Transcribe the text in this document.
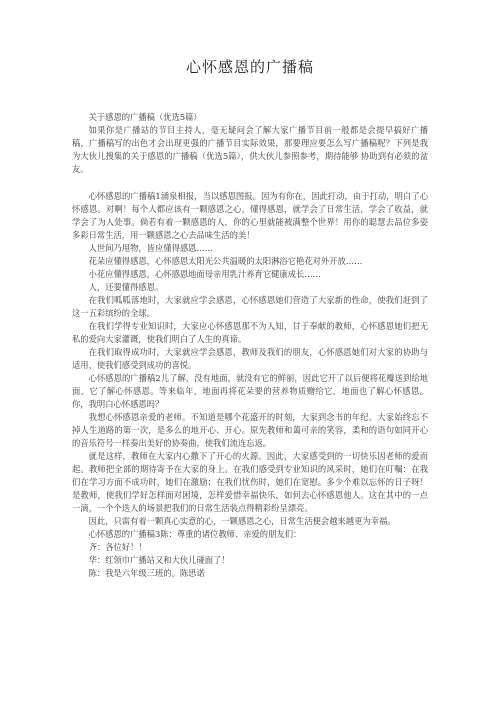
心怀感恩的广播稿

关于感恩的广播稿（优选5篇）

如果你是广播站的节目主持人，毫无疑问会了解大家广播节目前一般都是会提早搞好广播稿，广播稿写的出色才会出现更强的广播节目实际效果，那要理应要怎么写广播稿呢？下列是我为大伙儿搜集的关于感恩的广播稿（优选5篇），供大伙儿参照参考，期待能够 协助到有必须的盆友。

心怀感恩的广播稿1涌泉相报，当以感恩图报。因为有你在，因此打动，由于打动，明白了心怀感恩。对啊！每个人都应该有一颗感恩之心，懂得感恩，就学会了日常生活，学会了收益，就学会了为人处事。倘若有着一颗感恩的人，你的心里就能被满整个世界！用你的聪慧去品位多姿多彩日常生活，用一颗感恩之心去品味生活的美！

人世间乃甩物，皆应懂得感恩……

花朵应懂得感恩，心怀感恩太阳光公共温暖的太阳淋浴它艳花对外开放……

小花应懂得感恩，心怀感恩地面母亲用乳汁养育它健康成长……

人，还要懂得感恩。

在我们呱呱落地时，大家就应学会感恩，心怀感恩她们营造了大家新的性命，使我们赶到了这一五彩缤纷的全球。

在我们学得专业知识时，大家应心怀感恩那不为人知，甘于奉献的教师，心怀感恩她们把无私的爱向大家灌溉，使我们明白了人生的真谛。

在我们取得成功时，大家就应学会感恩，教师及我们的朋友，心怀感恩她们对大家的协助与适用，使我们感受到成功的喜悦。

心怀感恩的广播稿2儿了解，没有地面，就没有它的鲜丽，因此它开了以后便将花瓣送到给地面，它了解心怀感恩。等来临年，地面再将花朵要的营养物质赠给它，地面也了解心怀感恩。你，我明白心怀感恩吗？

我想心怀感恩亲爱的老师。不知道是哪个花盛开的时刻，大家到念书的年纪。大家始终忘不掉人生道路的第一次，是多么的地开心、开心。原先教师和蔼可亲的笑容，柔和的语句如同开心的音乐符号一样奏出美好的协奏曲，使我们流连忘返。

就是这样，教师在大家内心撒下了开心的火源。因此，大家感受到的一切快乐因老师的爱而起。教师把全部的期待寄予在大家的身上。在我们感受到专业知识的风采时，她们在叮嘱：在我们在学习方面不成功时，她们在激励；在我们忧伤时，她们在宽慰。多少个难以忘怀的日子呀！是教师，使我们学好怎样面对困境，怎样爱惜幸福快乐，如何去心怀感恩他人。这在其中的一点一滴，一个个迭人的场景把我们的日常生活装点得精彩纷呈漂亮。

因此，只需有着一颗真心实意的心，一颗感恩之心，日常生活便会越来越更为幸福。

心怀感恩的广播稿3陈：尊重的诸位教师、亲爱的朋友们：

齐：各位好！！

华：红领巾广播站又和大伙儿碰面了！

陈：我是六年级三班的。陈思诺
